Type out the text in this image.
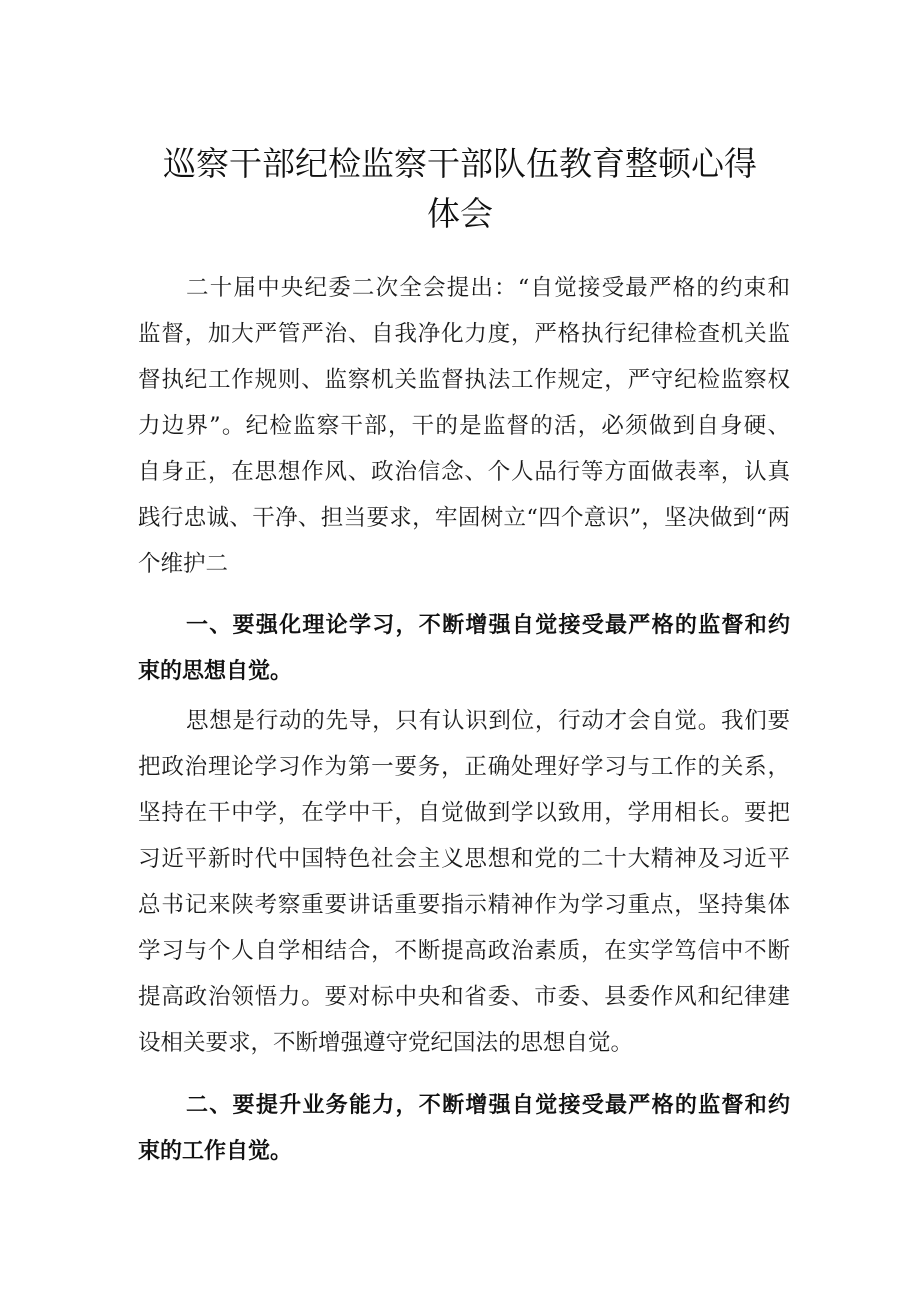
巡察干部纪检监察干部队伍教育整顿心得
体会
二十届中央纪委二次全会提出：“自觉接受最严格的约束和
监督，加大严管严治、自我净化力度，严格执行纪律检查机关监
督执纪工作规则、监察机关监督执法工作规定，严守纪检监察权
力边界”。纪检监察干部，干的是监督的活，必须做到自身硬、
自身正，在思想作风、政治信念、个人品行等方面做表率，认真
践行忠诚、干净、担当要求，牢固树立“四个意识”，坚决做到“两
个维护二
一、要强化理论学习，不断增强自觉接受最严格的监督和约
束的思想自觉。
思想是行动的先导，只有认识到位，行动才会自觉。我们要
把政治理论学习作为第一要务，正确处理好学习与工作的关系，
坚持在干中学，在学中干，自觉做到学以致用，学用相长。要把
习近平新时代中国特色社会主义思想和党的二十大精神及习近平
总书记来陕考察重要讲话重要指示精神作为学习重点，坚持集体
学习与个人自学相结合，不断提高政治素质，在实学笃信中不断
提高政治领悟力。要对标中央和省委、市委、县委作风和纪律建
设相关要求，不断增强遵守党纪国法的思想自觉。
二、要提升业务能力，不断增强自觉接受最严格的监督和约
束的工作自觉。
